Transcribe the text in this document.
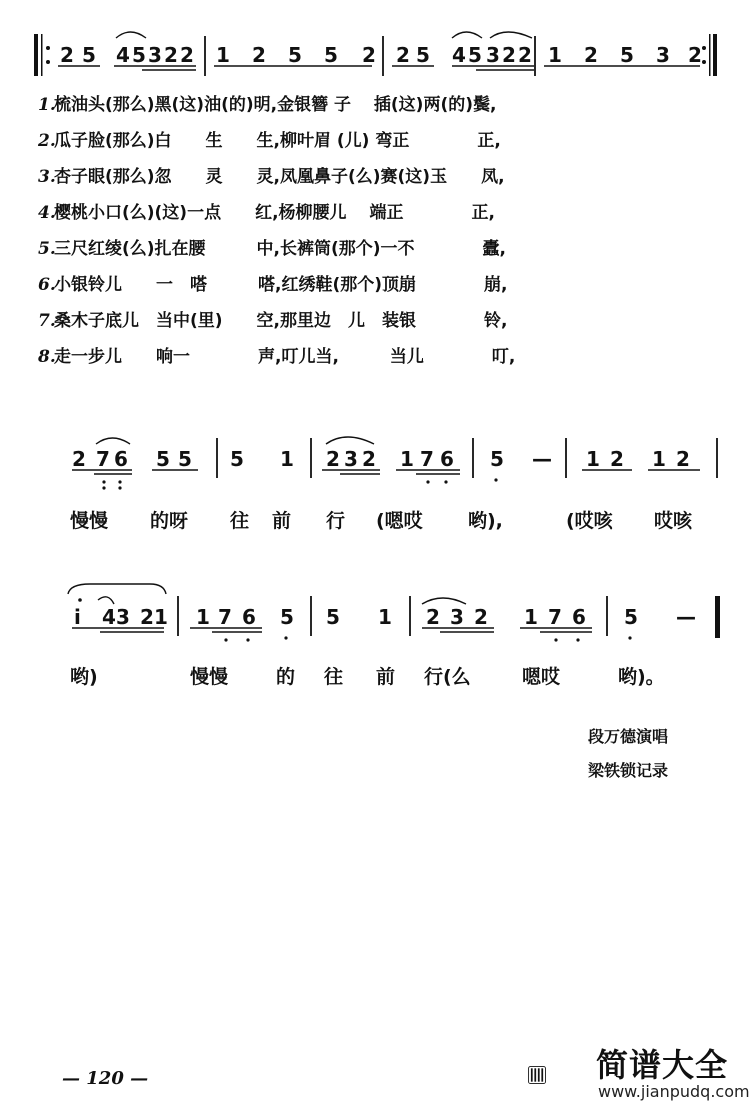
2 5 4 5 3 2 2 1 2 5 5 2 2 5 4 5 3 2 2 1 2 5 3 2
1.梳油头(那么)黑(这)油(的)明,金银簪 子　 插(这)两(的)鬓,
2.瓜子脸(那么)白　　生　　生,柳叶眉 (儿) 弯正　　　　正,
3.杏子眼(那么)忽　　灵　　灵,凤凰鼻子(么)赛(这)玉　　凤,
4.樱桃小口(么)(这)一点　　红,杨柳腰儿　 端正　　　　正,
5.三尺红绫(么)扎在腰　　　中,长裤筒(那个)一不　　　　蠹,
6.小银铃儿　　一　嗒　　　嗒,红绣鞋(那个)顶崩　　　　崩,
7.桑木子底儿　当中(里)　　空,那里边　儿　装银　　　　铃,
8.走一步儿　　响一　　　　声,叮儿当,　　　当儿　　　　叮,
2 7 6 5 5 5 1 2 3 2 1 7 6 5 — 1 2 1 2
慢慢 的呀 往 前 行 (嗯哎 哟),	(哎咳 哎咳
i 4 3 2 1 1 7 6 5 5 1 2 3 2 1 7 6 5 —
哟)	慢慢	的 往 前 行(么	嗯哎	哟)。
段万德演唱
梁铁锁记录
— 120 —	简谱大全
www.jianpudq.com
